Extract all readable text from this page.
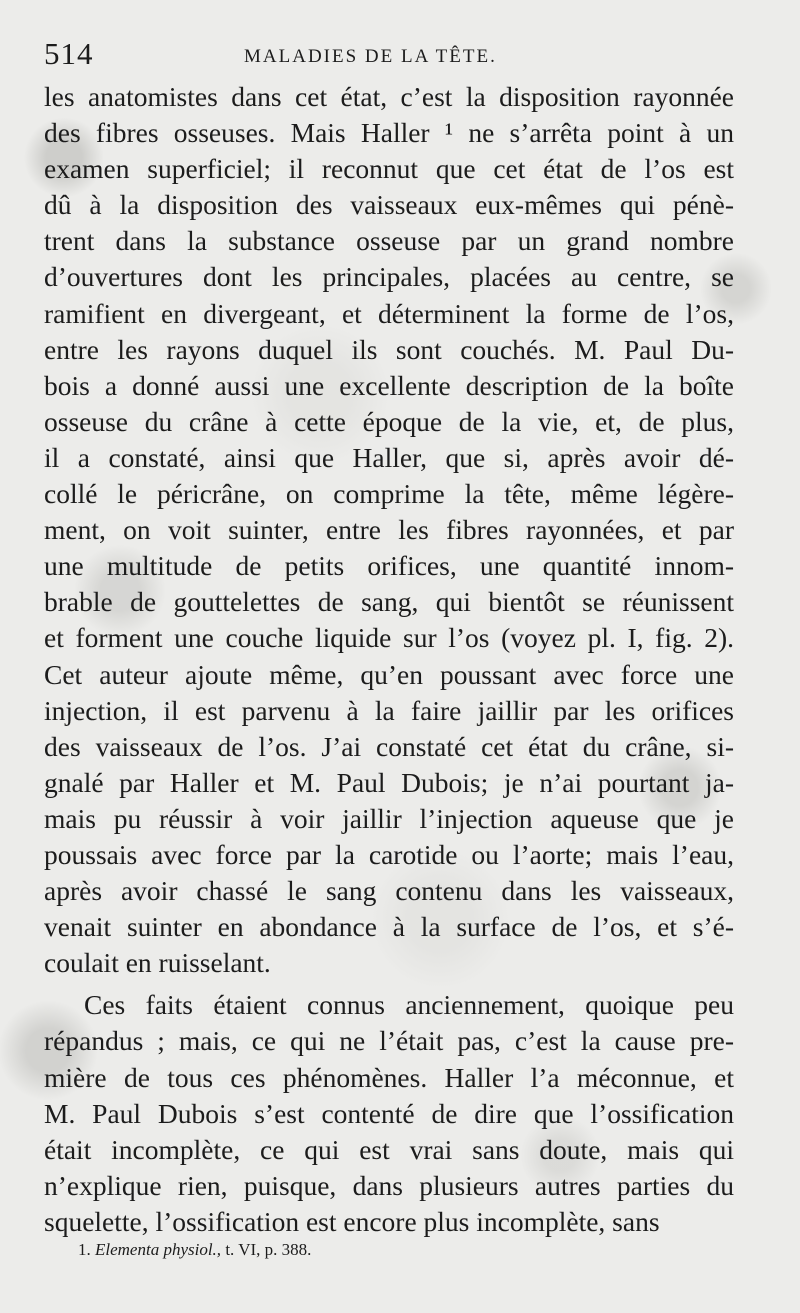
514	MALADIES DE LA TÊTE.
les anatomistes dans cet état, c’est la disposition rayonnée
des fibres osseuses. Mais Haller ¹ ne s’arrêta point à un
examen superficiel; il reconnut que cet état de l’os est
dû à la disposition des vaisseaux eux-mêmes qui pénè-
trent dans la substance osseuse par un grand nombre
d’ouvertures dont les principales, placées au centre, se
ramifient en divergeant, et déterminent la forme de l’os,
entre les rayons duquel ils sont couchés. M. Paul Du-
bois a donné aussi une excellente description de la boîte
osseuse du crâne à cette époque de la vie, et, de plus,
il a constaté, ainsi que Haller, que si, après avoir dé-
collé le péricrâne, on comprime la tête, même légère-
ment, on voit suinter, entre les fibres rayonnées, et par
une multitude de petits orifices, une quantité innom-
brable de gouttelettes de sang, qui bientôt se réunissent
et forment une couche liquide sur l’os (voyez pl. I, fig. 2).
Cet auteur ajoute même, qu’en poussant avec force une
injection, il est parvenu à la faire jaillir par les orifices
des vaisseaux de l’os. J’ai constaté cet état du crâne, si-
gnalé par Haller et M. Paul Dubois; je n’ai pourtant ja-
mais pu réussir à voir jaillir l’injection aqueuse que je
poussais avec force par la carotide ou l’aorte; mais l’eau,
après avoir chassé le sang contenu dans les vaisseaux,
venait suinter en abondance à la surface de l’os, et s’é-
coulait en ruisselant.
Ces faits étaient connus anciennement, quoique peu
répandus ; mais, ce qui ne l’était pas, c’est la cause pre-
mière de tous ces phénomènes. Haller l’a méconnue, et
M. Paul Dubois s’est contenté de dire que l’ossification
était incomplète, ce qui est vrai sans doute, mais qui
n’explique rien, puisque, dans plusieurs autres parties du
squelette, l’ossification est encore plus incomplète, sans
1. Elementa physiol., t. VI, p. 388.
